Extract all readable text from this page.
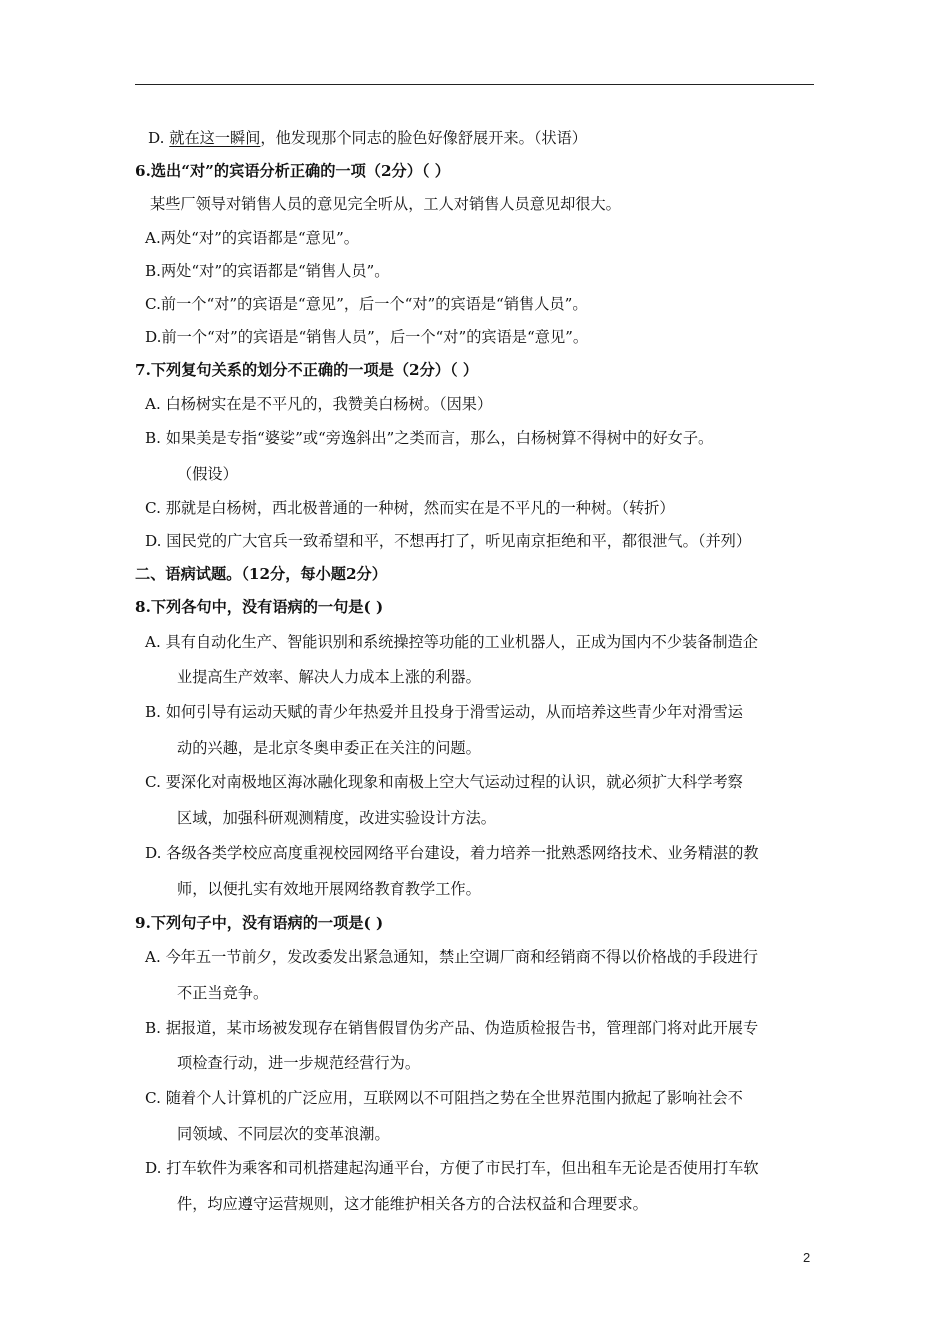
D. 就在这一瞬间，他发现那个同志的脸色好像舒展开来。（状语）
6.选出“对”的宾语分析正确的一项（2分）（ ）
某些厂领导对销售人员的意见完全听从，工人对销售人员意见却很大。
A.两处“对”的宾语都是“意见”。
B.两处“对”的宾语都是“销售人员”。
C.前一个“对”的宾语是“意见”，后一个“对”的宾语是“销售人员”。
D.前一个“对”的宾语是“销售人员”，后一个“对”的宾语是“意见”。
7.下列复句关系的划分不正确的一项是（2分）（ ）
A. 白杨树实在是不平凡的，我赞美白杨树。（因果）
B. 如果美是专指“婆娑”或“旁逸斜出”之类而言，那么，白杨树算不得树中的好女子。
（假设）
C. 那就是白杨树，西北极普通的一种树，然而实在是不平凡的一种树。（转折）
D. 国民党的广大官兵一致希望和平，不想再打了，听见南京拒绝和平，都很泄气。（并列）
二、语病试题。（12分，每小题2分）
8.下列各句中，没有语病的一句是( )
A. 具有自动化生产、智能识别和系统操控等功能的工业机器人，正成为国内不少装备制造企
业提高生产效率、解决人力成本上涨的利器。
B. 如何引导有运动天赋的青少年热爱并且投身于滑雪运动，从而培养这些青少年对滑雪运
动的兴趣，是北京冬奥申委正在关注的问题。
C. 要深化对南极地区海冰融化现象和南极上空大气运动过程的认识，就必须扩大科学考察
区域，加强科研观测精度，改进实验设计方法。
D. 各级各类学校应高度重视校园网络平台建设，着力培养一批熟悉网络技术、业务精湛的教
师，以便扎实有效地开展网络教育教学工作。
9.下列句子中，没有语病的一项是( )
A. 今年五一节前夕，发改委发出紧急通知，禁止空调厂商和经销商不得以价格战的手段进行
不正当竞争。
B. 据报道，某市场被发现存在销售假冒伪劣产品、伪造质检报告书，管理部门将对此开展专
项检查行动，进一步规范经营行为。
C. 随着个人计算机的广泛应用，互联网以不可阻挡之势在全世界范围内掀起了影响社会不
同领域、不同层次的变革浪潮。
D. 打车软件为乘客和司机搭建起沟通平台，方便了市民打车，但出租车无论是否使用打车软
件，均应遵守运营规则，这才能维护相关各方的合法权益和合理要求。
2
